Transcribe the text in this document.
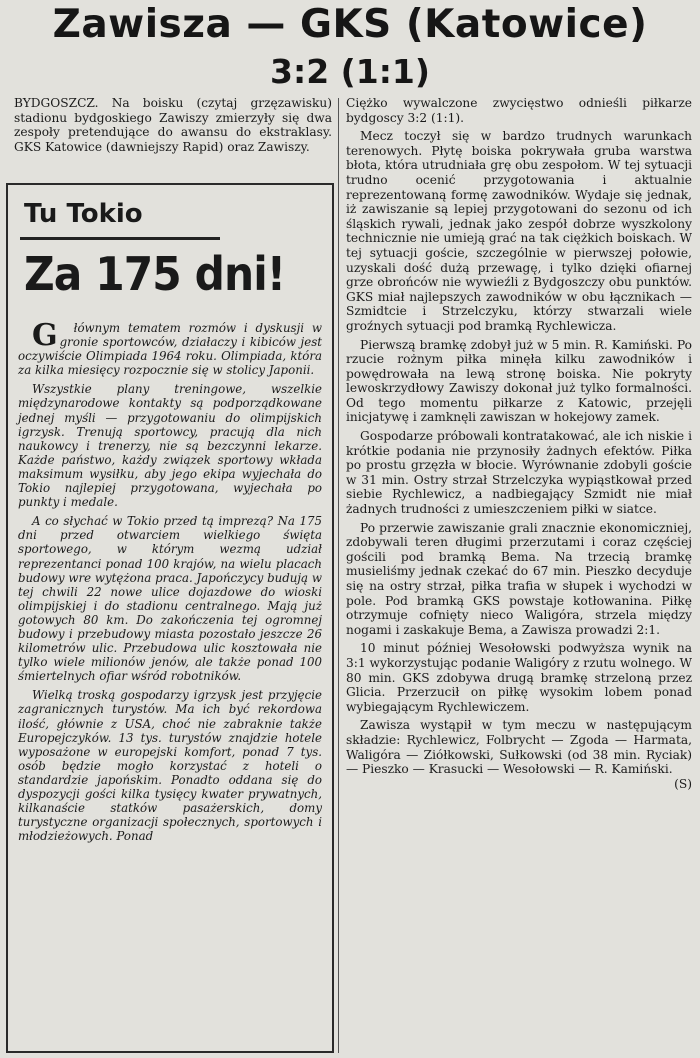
Zawisza — GKS (Katowice)
3:2 (1:1)

BYDGOSZCZ. Na boisku (czytaj grzęzawisku) stadionu bydgoskiego Zawiszy zmierzyły się dwa zespoły pretendujące do awansu do ekstraklasy. GKS Katowice (dawniejszy Rapid) oraz Zawiszy.

Tu Tokio
Za 175 dni!

G łównym tematem rozmów i dyskusji w gronie sportowców, działaczy i kibiców jest oczywiście Olimpiada 1964 roku. Olimpiada, która za kilka miesięcy rozpocznie się w stolicy Japonii.

Wszystkie plany treningowe, wszelkie międzynarodowe kontakty są podporządkowane jednej myśli — przygotowaniu do olimpijskich igrzysk. Trenują sportowcy, pracują dla nich naukowcy i trenerzy, nie są bezczynni lekarze. Każde państwo, każdy związek sportowy wkłada maksimum wysiłku, aby jego ekipa wyjechała do Tokio najlepiej przygotowana, wyjechała po punkty i medale.

A co słychać w Tokio przed tą imprezą? Na 175 dni przed otwarciem wielkiego święta sportowego, w którym wezmą udział reprezentanci ponad 100 krajów, na wielu placach budowy wre wytężona praca. Japończycy budują w tej chwili 22 nowe ulice dojazdowe do wioski olimpijskiej i do stadionu centralnego. Mają już gotowych 80 km. Do zakończenia tej ogromnej budowy i przebudowy miasta pozostało jeszcze 26 kilometrów ulic. Przebudowa ulic kosztowała nie tylko wiele milionów jenów, ale także ponad 100 śmiertelnych ofiar wśród robotników.

Wielką troską gospodarzy igrzysk jest przyjęcie zagranicznych turystów. Ma ich być rekordowa ilość, głównie z USA, choć nie zabraknie także Europejczyków. 13 tys. turystów znajdzie hotele wyposażone w europejski komfort, ponad 7 tys. osób będzie mogło korzystać z hoteli o standardzie japońskim. Ponadto oddana się do dyspozycji gości kilka tysięcy kwater prywatnych, kilkanaście statków pasażerskich, domy turystyczne organizacji społecznych, sportowych i młodzieżowych. Ponad

Ciężko wywalczone zwycięstwo odnieśli piłkarze bydgoscy 3:2 (1:1).

Mecz toczył się w bardzo trudnych warunkach terenowych. Płytę boiska pokrywała gruba warstwa błota, która utrudniała grę obu zespołom. W tej sytuacji trudno ocenić przygotowania i aktualnie reprezentowaną formę zawodników. Wydaje się jednak, iż zawiszanie są lepiej przygotowani do sezonu od ich śląskich rywali, jednak jako zespół dobrze wyszkolony technicznie nie umieją grać na tak ciężkich boiskach. W tej sytuacji goście, szczególnie w pierwszej połowie, uzyskali dość dużą przewagę, i tylko dzięki ofiarnej grze obrońców nie wywieźli z Bydgoszczy obu punktów. GKS miał najlepszych zawodników w obu łącznikach — Szmidtcie i Strzelczyku, którzy stwarzali wiele groźnych sytuacji pod bramką Rychlewicza.

Pierwszą bramkę zdobył już w 5 min. R. Kamiński. Po rzucie rożnym piłka minęła kilku zawodników i powędrowała na lewą stronę boiska. Nie pokryty lewoskrzydłowy Zawiszy dokonał już tylko formalności. Od tego momentu piłkarze z Katowic, przejęli inicjatywę i zamknęli zawiszan w hokejowy zamek.

Gospodarze próbowali kontratakować, ale ich niskie i krótkie podania nie przynosiły żadnych efektów. Piłka po prostu grzęzła w błocie. Wyrównanie zdobyli goście w 31 min. Ostry strzał Strzelczyka wypiąstkował przed siebie Rychlewicz, a nadbiegający Szmidt nie miał żadnych trudności z umieszczeniem piłki w siatce.

Po przerwie zawiszanie grali znacznie ekonomiczniej, zdobywali teren długimi przerzutami i coraz częściej gościli pod bramką Bema. Na trzecią bramkę musieliśmy jednak czekać do 67 min. Pieszko decyduje się na ostry strzał, piłka trafia w słupek i wychodzi w pole. Pod bramką GKS powstaje kotłowanina. Piłkę otrzymuje cofnięty nieco Waligóra, strzela między nogami i zaskakuje Bema, a Zawisza prowadzi 2:1.

10 minut później Wesołowski podwyższa wynik na 3:1 wykorzystując podanie Waligóry z rzutu wolnego. W 80 min. GKS zdobywa drugą bramkę strzeloną przez Glicia. Przerzucił on piłkę wysokim lobem ponad wybiegającym Rychlewiczem.

Zawisza wystąpił w tym meczu w następującym składzie: Rychlewicz, Folbrycht — Zgoda — Harmata, Waligóra — Ziółkowski, Sułkowski (od 38 min. Ryciak) — Pieszko — Krasucki — Wesołowski — R. Kamiński.
(S)
